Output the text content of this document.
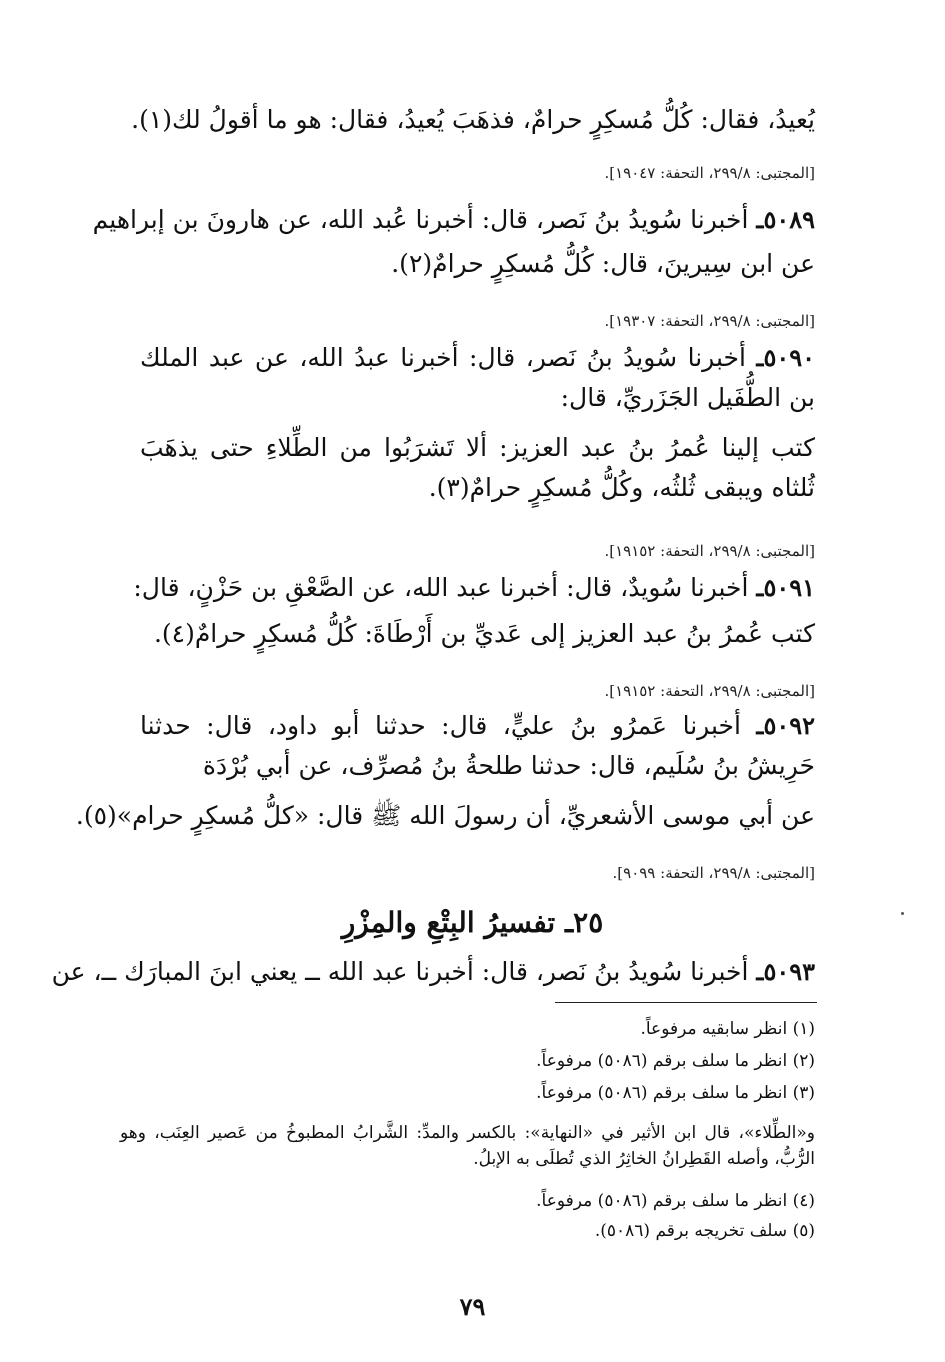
يُعيدُ، فقال: كُلُّ مُسكِرٍ حرامٌ، فذهَبَ يُعيدُ، فقال: هو ما أقولُ لك(١).
[المجتبى: ٢٩٩/٨، التحفة: ١٩٠٤٧].
٥٠٨٩ـ أخبرنا سُويدُ بنُ نَصر، قال: أخبرنا عُبد الله، عن هارونَ بن إبراهيم
عن ابن سِيرينَ، قال: كُلُّ مُسكِرٍ حرامٌ(٢).
[المجتبى: ٢٩٩/٨، التحفة: ١٩٣٠٧].
٥٠٩٠ـ أخبرنا سُويدُ بنُ نَصر، قال: أخبرنا عبدُ الله، عن عبد الملك بن الطُّفَيل الجَزَريِّ، قال:
كتب إلينا عُمرُ بنُ عبد العزيز: ألا تَشرَبُوا من الطِّلاءِ حتى يذهَبَ ثُلثاه ويبقى ثُلثُه، وكُلُّ مُسكِرٍ حرامٌ(٣).
[المجتبى: ٢٩٩/٨، التحفة: ١٩١٥٢].
٥٠٩١ـ أخبرنا سُويدٌ، قال: أخبرنا عبد الله، عن الصَّعْقِ بن حَزْنٍ، قال:
كتب عُمرُ بنُ عبد العزيز إلى عَديِّ بن أَرْطَاةَ: كُلُّ مُسكِرٍ حرامٌ(٤).
[المجتبى: ٢٩٩/٨، التحفة: ١٩١٥٢].
٥٠٩٢ـ أخبرنا عَمرُو بنُ عليٍّ، قال: حدثنا أبو داود، قال: حدثنا حَرِيشُ بنُ سُلَيم، قال: حدثنا طلحةُ بنُ مُصرِّف، عن أبي بُرْدَة
عن أبي موسى الأشعريِّ، أن رسولَ الله ﷺ قال: «كلُّ مُسكِرٍ حرام»(٥).
[المجتبى: ٢٩٩/٨، التحفة: ٩٠٩٩].
٢٥ـ تفسيرُ البِتْعِ والمِزْرِ
٥٠٩٣ـ أخبرنا سُويدُ بنُ نَصر، قال: أخبرنا عبد الله ــ يعني ابنَ المبارَك ــ، عن
(١) انظر سابقيه مرفوعاً.
(٢) انظر ما سلف برقم (٥٠٨٦) مرفوعاً.
(٣) انظر ما سلف برقم (٥٠٨٦) مرفوعاً.
و«الطِّلاء»، قال ابن الأثير في «النهاية»: بالكسر والمدِّ: الشَّرابُ المطبوخُ من عَصير العِنَب، وهو الرُّبُّ، وأصله القَطِرانُ الخاثِرُ الذي تُطلَى به الإبلُ.
(٤) انظر ما سلف برقم (٥٠٨٦) مرفوعاً.
(٥) سلف تخريجه برقم (٥٠٨٦).
٧٩
